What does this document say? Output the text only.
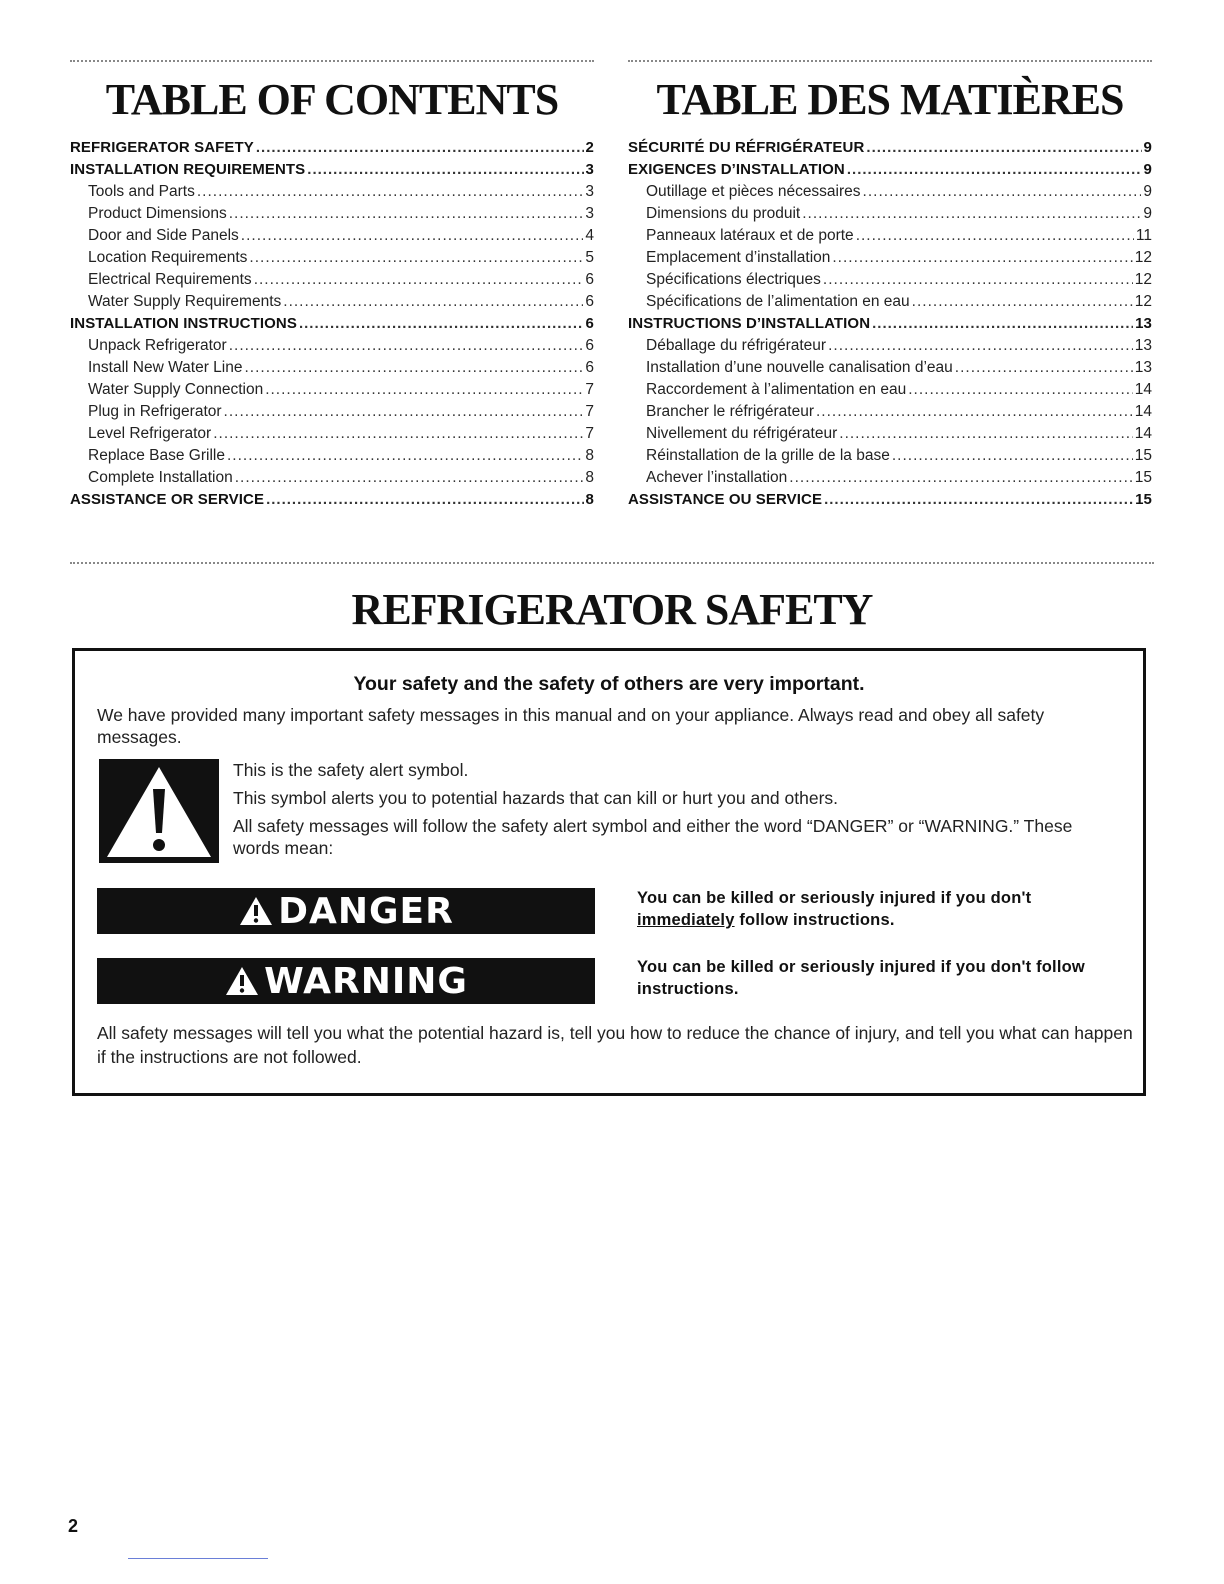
TABLE OF CONTENTS
REFRIGERATOR SAFETY .....	2
INSTALLATION REQUIREMENTS .....	3
Tools and Parts .....	3
Product Dimensions .....	3
Door and Side Panels .....	4
Location Requirements .....	5
Electrical Requirements .....	6
Water Supply Requirements .....	6
INSTALLATION INSTRUCTIONS .....	6
Unpack Refrigerator .....	6
Install New Water Line .....	6
Water Supply Connection .....	7
Plug in Refrigerator .....	7
Level Refrigerator .....	7
Replace Base Grille .....	8
Complete Installation .....	8
ASSISTANCE OR SERVICE .....	8
TABLE DES MATIÈRES
SÉCURITÉ DU RÉFRIGÉRATEUR .....	9
EXIGENCES D’INSTALLATION .....	9
Outillage et pièces nécessaires .....	9
Dimensions du produit .....	9
Panneaux latéraux et de porte .....	11
Emplacement d’installation .....	12
Spécifications électriques .....	12
Spécifications de l’alimentation en eau .....	12
INSTRUCTIONS D’INSTALLATION .....	13
Déballage du réfrigérateur .....	13
Installation d’une nouvelle canalisation d’eau .....	13
Raccordement à l’alimentation en eau .....	14
Brancher le réfrigérateur .....	14
Nivellement du réfrigérateur .....	14
Réinstallation de la grille de la base .....	15
Achever l’installation .....	15
ASSISTANCE OU SERVICE .....	15
REFRIGERATOR SAFETY
Your safety and the safety of others are very important.
We have provided many important safety messages in this manual and on your appliance. Always read and obey all safety messages.

This is the safety alert symbol.

This symbol alerts you to potential hazards that can kill or hurt you and others.

All safety messages will follow the safety alert symbol and either the word “DANGER” or “WARNING.” These words mean:

DANGER	You can be killed or seriously injured if you don't immediately follow instructions.
WARNING	You can be killed or seriously injured if you don't follow instructions.
All safety messages will tell you what the potential hazard is, tell you how to reduce the chance of injury, and tell you what can happen if the instructions are not followed.
2
